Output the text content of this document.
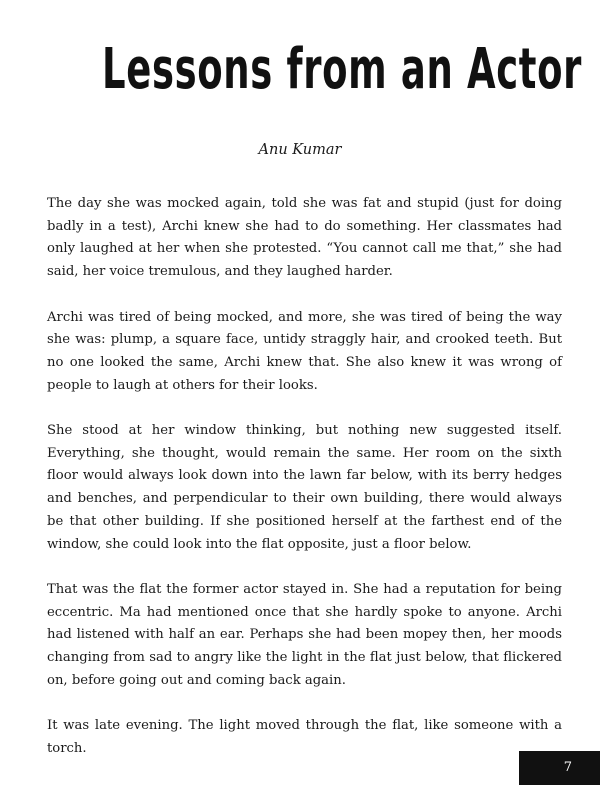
Lessons from an Actor
Anu Kumar

The day she was mocked again, told she was fat and stupid (just for doing badly in a test), Archi knew she had to do something. Her classmates had only laughed at her when she protested. “You cannot call me that,” she had said, her voice tremulous, and they laughed harder.

Archi was tired of being mocked, and more, she was tired of being the way she was: plump, a square face, untidy straggly hair, and crooked teeth. But no one looked the same, Archi knew that. She also knew it was wrong of people to laugh at others for their looks.

She stood at her window thinking, but nothing new suggested itself. Everything, she thought, would remain the same. Her room on the sixth floor would always look down into the lawn far below, with its berry hedges and benches, and perpendicular to their own building, there would always be that other building. If she positioned herself at the farthest end of the window, she could look into the flat opposite, just a floor below.

That was the flat the former actor stayed in. She had a reputation for being eccentric. Ma had mentioned once that she hardly spoke to anyone. Archi had listened with half an ear. Perhaps she had been mopey then, her moods changing from sad to angry like the light in the flat just below, that flickered on, before going out and coming back again.

It was late evening. The light moved through the flat, like someone with a torch.

7
